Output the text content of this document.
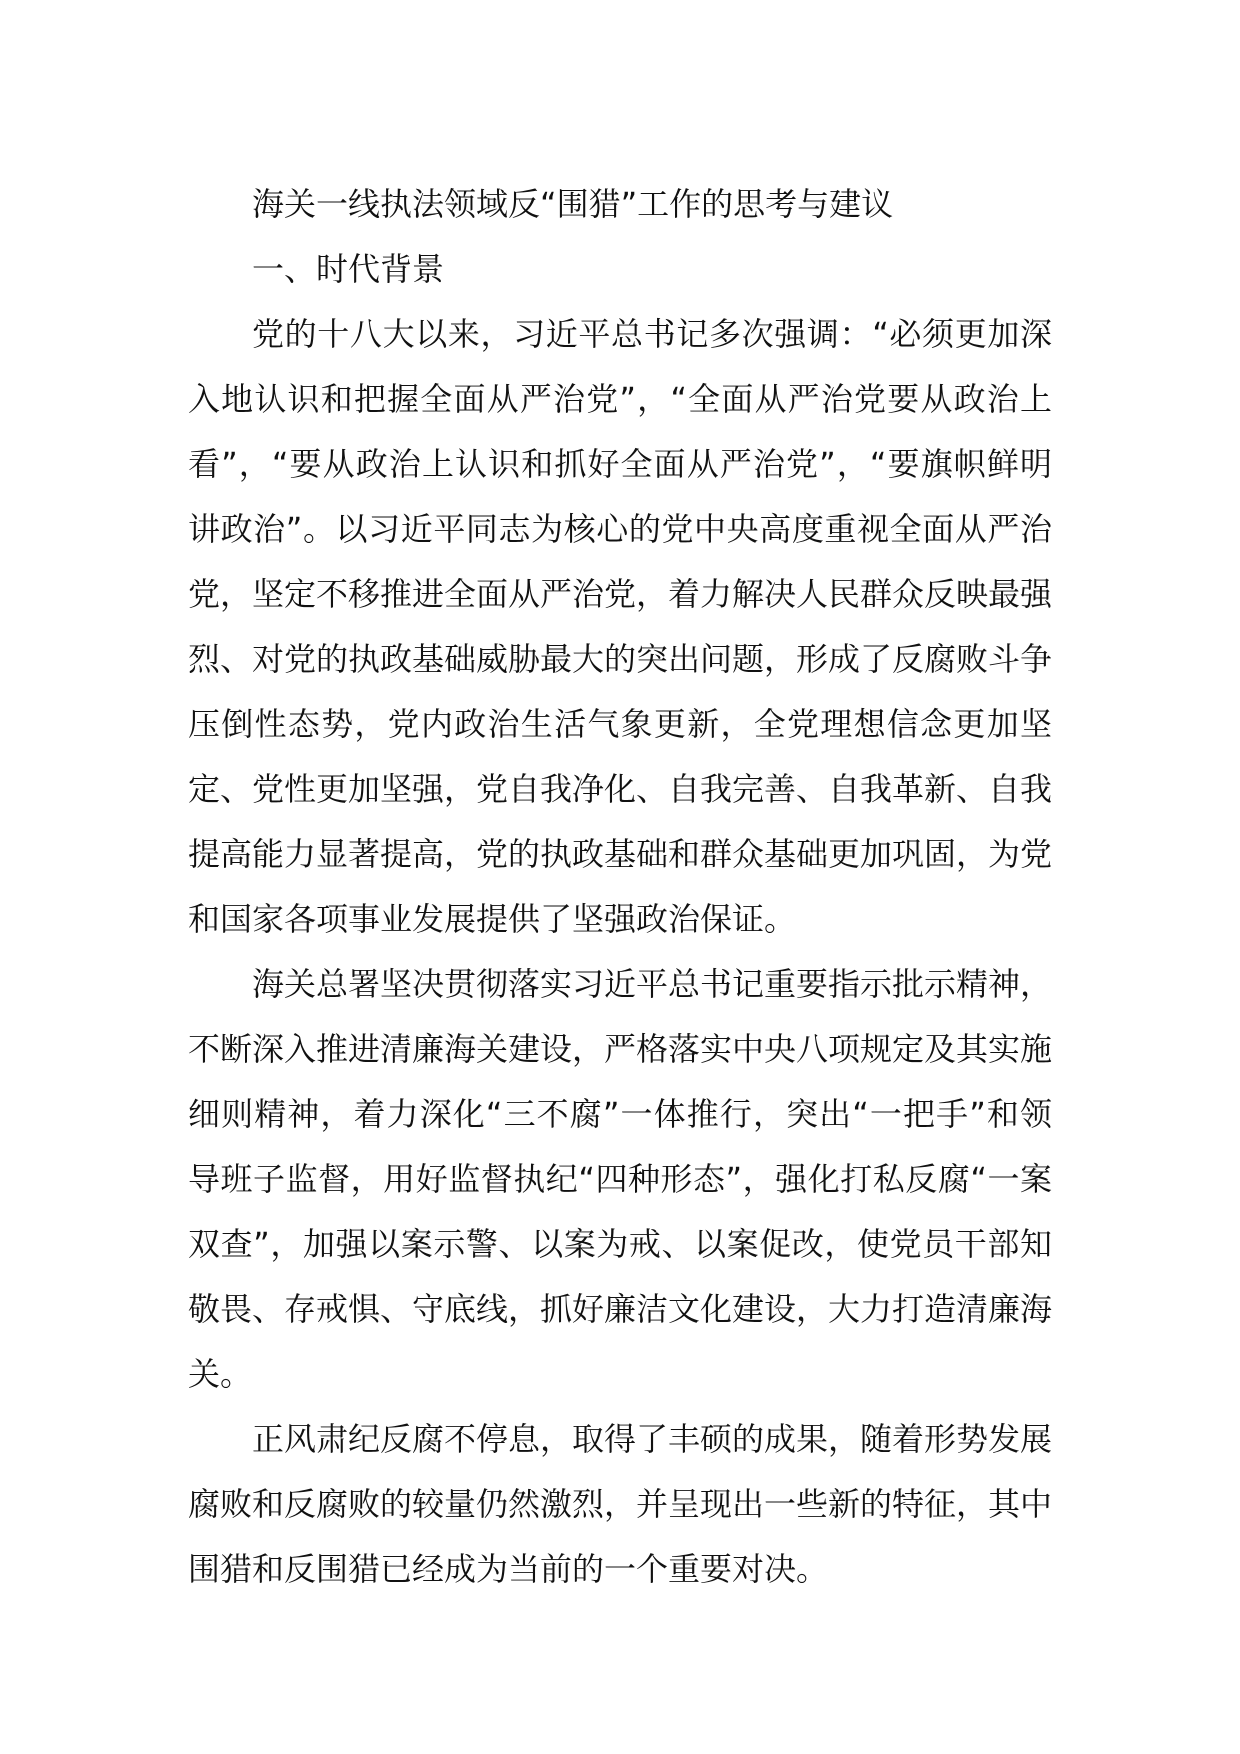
海关一线执法领域反“围猎”工作的思考与建议
一、时代背景

党的十八大以来，习近平总书记多次强调：“必须更加深入地认识和把握全面从严治党”，“全面从严治党要从政治上看”，“要从政治上认识和抓好全面从严治党”，“要旗帜鲜明讲政治”。以习近平同志为核心的党中央高度重视全面从严治党，坚定不移推进全面从严治党，着力解决人民群众反映最强烈、对党的执政基础威胁最大的突出问题，形成了反腐败斗争压倒性态势，党内政治生活气象更新，全党理想信念更加坚定、党性更加坚强，党自我净化、自我完善、自我革新、自我提高能力显著提高，党的执政基础和群众基础更加巩固，为党和国家各项事业发展提供了坚强政治保证。

海关总署坚决贯彻落实习近平总书记重要指示批示精神，不断深入推进清廉海关建设，严格落实中央八项规定及其实施细则精神，着力深化“三不腐”一体推行，突出“一把手”和领导班子监督，用好监督执纪“四种形态”，强化打私反腐“一案双查”，加强以案示警、以案为戒、以案促改，使党员干部知敬畏、存戒惧、守底线，抓好廉洁文化建设，大力打造清廉海关。

正风肃纪反腐不停息，取得了丰硕的成果，随着形势发展腐败和反腐败的较量仍然激烈，并呈现出一些新的特征，其中围猎和反围猎已经成为当前的一个重要对决。
